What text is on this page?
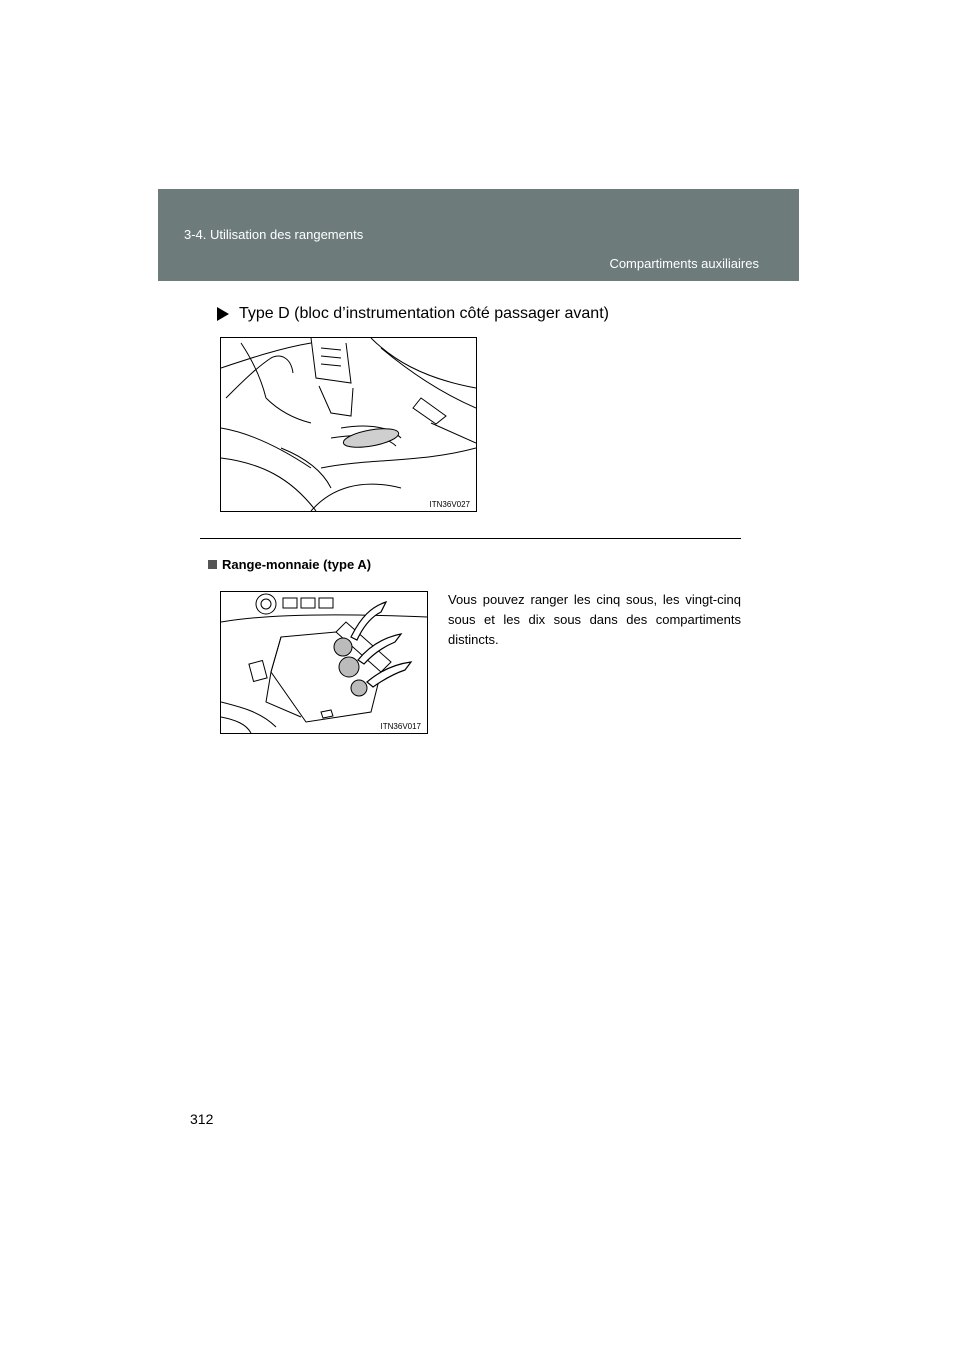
3-4. Utilisation des rangements
Compartiments auxiliaires
Type D (bloc d’instrumentation côté passager avant)
ITN36V027
Range-monnaie (type A)
ITN36V017
Vous pouvez ranger les cinq sous, les vingt-cinq sous et les dix sous dans des compartiments distincts.
312
